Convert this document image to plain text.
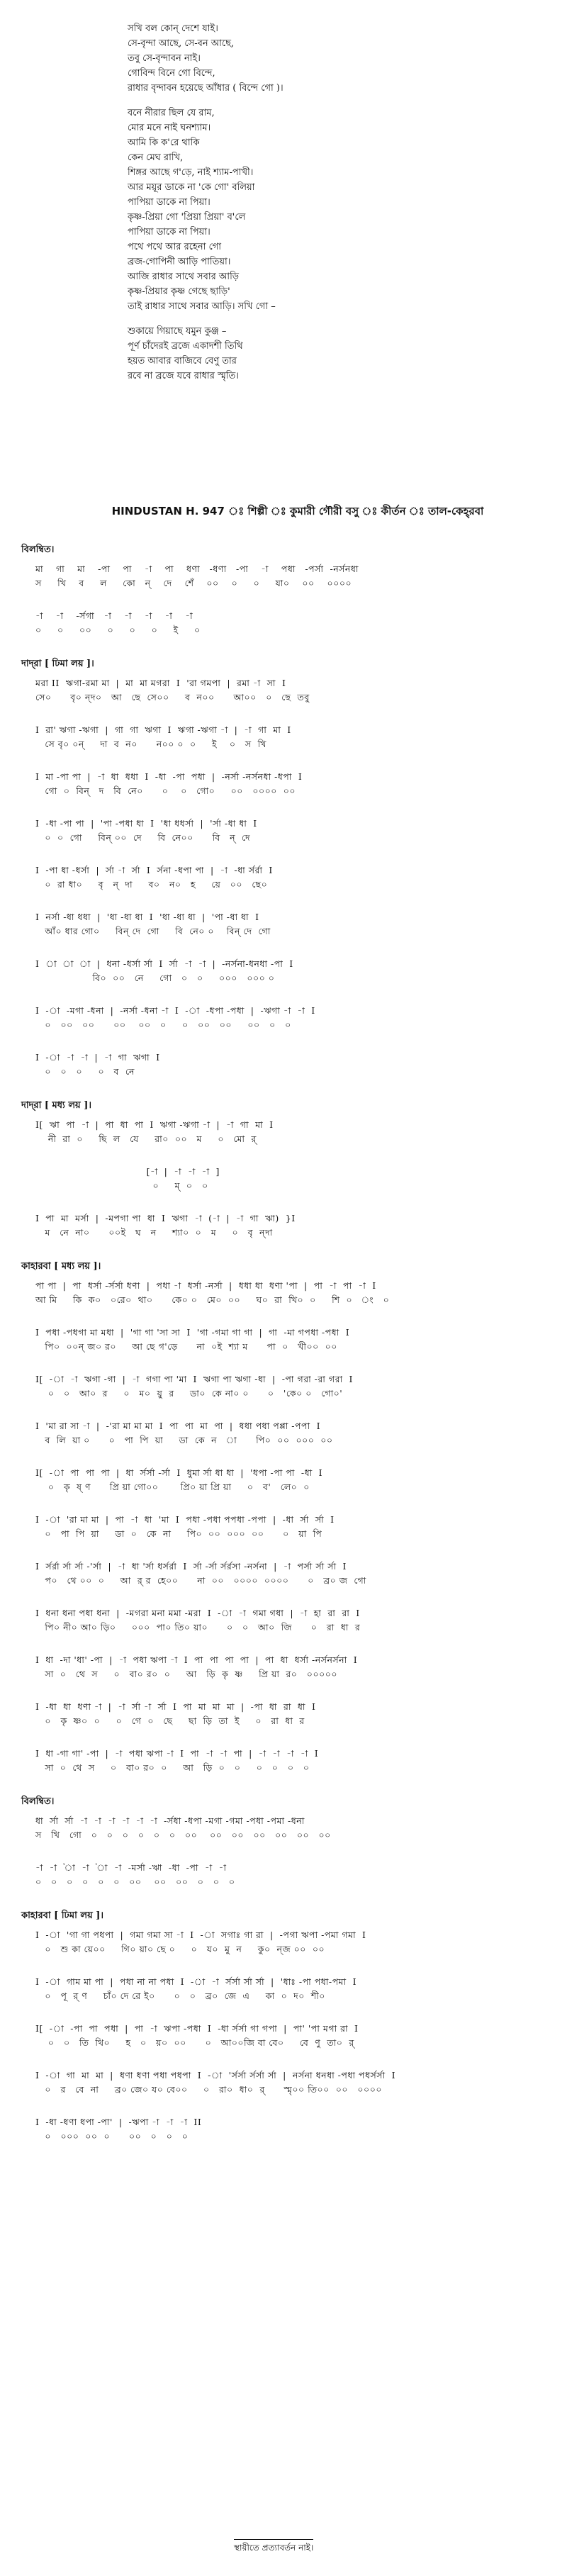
সখি বল কোন্‌ দেশে যাই।
সে-বৃন্দা আছে, সে-বন আছে,
তবু সে-বৃন্দাবন নাই।
গোবিন্দ বিনে গো বিন্দে,
রাধার বৃন্দাবন হয়েছে আঁধার ( বিন্দে গো )।
বনে নীরার ছিল যে রাম,
মোর মনে নাই ঘনশ্যাম।
আমি কি ক'রে থাকি
কেন মেঘ রাখি,
শিঙ্গর আছে গ'ড়ে, নাই শ্যাম-পাখী।
আর ময়ূর ডাকে না 'কে গো' বলিয়া
পাপিয়া ডাকে না পিয়া।
কৃষ্ণ-প্রিয়া গো 'প্রিয়া প্রিয়া' ব'লে
পাপিয়া ডাকে না পিয়া।
পথে পথে আর রহেনা গো
ব্রজ-গোপিনী আড়ি পাতিয়া।
আজি রাধার সাথে সবার আড়ি
কৃষ্ণ-প্রিয়ার কৃষ্ণ গেছে ছাড়ি'
তাই রাধার সাথে সবার আড়ি। সখি গো –
শুকায়ে গিয়াছে যমুন কুঞ্জ –
পূর্ণ চাঁদেরই ব্রজে একাদশী তিথি
হয়ত আবার বাজিবে বেণু তার
রবে না ব্রজে যবে রাধার স্মৃতি।
HINDUSTAN H. 947 ঃ শিল্পী ঃ কুমারী গৌরী বসু ঃ কীর্তন ঃ তাল-কেহ্‌রবা
বিলম্বিত।
মা    গা    মা    -পা    পা    -া    পা    ধণা   -ধণা   -পা    -া    পধা   -পর্সা  -নর্সনধা
স     খি    ব     ল     কো   ন্‌    দে    শেঁ    ০০    ০     ০     যা০    ০০    ০০০০
-া    -া    -র্সগা   -া    -া    -া    -া    -া
০     ০     ০০     ০     ০     ০     ই     ০
দাদ্‌রা [ ঢিমা লয় ]।
মরা II  ঋগা-রমা মা  |  মা  মা মগরা  I  'রা গমপা  |  রমা -া  সা  I
সে০      বৃ০ ন্‌দ০   আ   ছে  সে০০     ব  ন০০      আ০০   ০   ছে  তবু
I  রা' ঋগা -ঋগা  |  গা  গা  ঋগা  I  ঋগা -ঋগা -া  |  -া  গা  মা  I
সে বৃ০ ০ন্‌     দা  ব  ন০      ন০০ ০  ০     ই    ০   স  খি
I  মা -পা পা  |  -া  ধা  ধধা  I  -ধা  -পা  পধা  |  -নর্সা -নর্সনধা -ধপা  I
গো  ০  বিন্‌   দ   বি  নে০      ০    ০   গো০     ০০   ০০০০  ০০
I  -ধা -পা পা  |  'পা -পধা ধা  I  'ধা ধধর্সা  |  'র্সা -ধা ধা  I
০  ০  গো     বিন্‌ ০০  দে     বি  নে০০      বি   ন্‌  দে
I  -পা ধা -ধর্সা  |  র্সা -া  র্সা  I  র্সনা -ধপা পা  |  -া  -ধা র্সর্রা  I
০  রা ধা০     বৃ   ন্‌  দা     ব০   ন০   হ     য়ে   ০০   ছে০
I  নর্সা -ধা ধধা  |  'ধা -ধা ধা  I  'ধা -ধা ধা  |  'পা -ধা ধা  I
আঁ০ ধার গো০     বিন্‌ দে  গো     বি  নে০ ০    বিন্‌ দে  গো
I  া  া  া  |  ধনা -ধর্সা র্সা  I  র্সা  -া  -া  |  -নর্সনা-ধনধা -পা  I
বি০  ০০   নে     গো   ০   ০     ০০০   ০০০ ০
I  -া  -মগা -ধনা  |  -নর্সা -ধনা -া  I  -া  -ধপা -পধা  |  -ঋগা -া  -া  I
০   ০০   ০০      ০০    ০০   ০     ০   ০০   ০০     ০০   ০   ০
I  -া  -া  -া  |  -া  গা  ঋগা  I
০   ০   ০     ০   ব  নে
দাদ্‌রা [ মধ্য লয় ]।
I[  ঋা  পা  -া  |  পা  ধা  পা  I  ঋগা -ঋগা -া  |  -া  গা  মা  I
নী  রা  ০     ছি  ল   যে     রা০  ০০   ম     ০   মো  র্‌
[-া  |  -া  -া  -া  ]
০     ম্‌  ০   ০
I  পা  মা  মর্সা  |  -মপগা পা  ধা  I  ঋগা  -া  (-া  |  -া  গা  ঋা)  }I
ম   নে  না০      ০০ই   ঘ   ন     শ্যা০  ০   ম     ০   বৃ  ন্‌দা
কাহারবা [ মধ্য লয় ]।
পা পা  |  পা  ধর্সা -র্সর্সা ধণা  |  পধা -া  ধর্সা -নর্সা  |  ধধা ধা  ধণা 'পা  |  পা  -া  পা  -া  I
আ মি     কি  ক০   ০রে০  থা০      কে০ ০   মে০  ০০     ঘ০  রা  খি০  ০     শি  ০   ং   ০
I  পধা -পধগা মা মধা  |  'গা গা 'সা সা  I  'গা -গমা গা গা  |  গা  -মা গপধা -পধা  I
পি০  ০০ন্‌ জ০ র০     আ ছে গ'ড়ে      না  ০ই  শ্যা ম      পা  ০   খী০০  ০০
I[  -া  -া  ঋগা -গা  |  -া  গগা পা 'মা  I  ঋগা পা ঋগা -ধা  |  -পা গরা -রা গরা  I
০   ০   আ০  র     ০   ম০  য়ু  র     ডা০  কে না০ ০      ০   'কে০ ০   গো০'
I  'মা রা সা -া  |  -'রা মা মা মা  I  পা  পা  মা  পা  |  ধধা পধা পপ্পা -পপা  I
ব  লি  য়া ০      ০   পা  পি  য়া     ডা  কে  ন   া      পি০  ০০  ০০০  ০০
I[  -া  পা  পা  পা  |  ধা  র্সর্সা -র্সা  I  ধুমা র্সা ধা ধা  |  'ধপা -পা পা  -ধা  I
০   কৃ  ষ্‌ ণ      প্রি য়া গো০০       প্রি০ য়া প্রি য়া     ০   ব'   লে০  ০
I  -া  'রা মা মা  |  পা  -া  ধা  'মা  I  পধা -পধা পপধা -পপা  |  -ধা  র্সা  র্সা  I
০   পা  পি  য়া     ডা  ০   কে  না     পি০  ০০  ০০০  ০০      ০   য়া  পি
I  র্সর্রা র্সা র্সা -'র্সা  |  -া  ধা 'র্সা ধর্সর্রা  I  র্সা -র্সা র্সর্রসা -নর্সনা  |  -া  পর্সা র্সা র্সা  I
প০   থে ০০  ০     আ  র্‌ র  হে০০      না  ০০   ০০০০  ০০০০      ০   ব্র০ জ  গো
I  ধনা ধনা পধা ধনা  |  -মগরা মনা মমা -মরা  I  -া  -া  গমা গধা  |  -া  হা  রা  রা  I
পি০ নী০ আ০ ড়ি০     ০০০  পা০ তি০ য়া০      ০   ০   আ০  জি      ০   রা  ধা  র
I  ধা  -দা 'ধা' -পা  |  -া  পধা ঋপা -া  I  পা  পা  পা  পা  |  পা  ধা  ধর্সা -নর্সনর্সনা  I
সা  ০   থে  স     ০   বা০ র০  ০     আ   ড়ি  কৃ  ষ্ণ     প্রি য়া  র০   ০০০০০
I  -ধা  ধা  ধণা -া  |  -া  র্সা -া  র্সা  I  পা  মা  মা  মা  |  -পা  ধা  রা  ধা  I
০   কৃ  ষ্ণ০  ০     ০   গে  ০   ছে     ছা  ড়ি  তা  ই     ০   রা  ধা  র
I  ধা -গা গা' -পা  |  -া  পধা ঋপা -া  I  পা  -া  -া  পা  |  -া  -া  -া  -া  I
সা  ০  থে  স     ০   বা০ র০  ০     আ   ড়ি  ০   ০     ০   ০   ০   ০
বিলম্বিত।
ধা  র্সা  র্সা  -া  -া  -া  -া  -া  -া  -র্সধা -ধপা -মগা -গমা -পধা -পমা -ধনা
স   খি   গো   ০   ০   ০   ০   ০   ০   ০০    ০০   ০০   ০০   ০০   ০০   ০০
-া  -া  'া  -া  'া  -া  -মর্সা -ঋা  -ধা  -পা  -া  -া
০   ০   ০   ০   ০   ০   ০০    ০০   ০০   ০   ০   ০
কাহারবা [ ঢিমা লয় ]।
I  -া  'গা গা পধপা  |  গমা গমা সা -া  I  -া  সগাঃ গা রা  |  -পগা ঋপা -পমা গমা  I
০   শু কা য়ে০০     গি০ য়া০ ছে ০     ০   য০  মু  ন     কু০  ন্‌জ ০০  ০০
I  -া  গাম মা পা  |  পধা না না পধা  I  -া  -া  র্সর্সা র্সা র্সা  |  'ধাঃ -পা পধা-পমা  I
০   পূ  র্‌ ণ     চাঁ০ দে রে ই০      ০   ০   ব্র০  জে  এ     কা  ০  দ০  শী০
I[  -া  -পা  পা  পধা  |  পা  -া  ঋপা -পধা  I  -ধা র্সর্সা গা গপা  |  পা' 'পা মগা রা  I
০   ০   তি  থি০     হ   ০   য়০  ০০      ০   আ০০জি বা বে০     বে  ণু  তা০  র্‌
I  -া  গা  মা  মা  |  ধণা ধণা পধা পধপা  I  -া  'র্সর্সা র্সর্সা র্সা  |  নর্সনা ধনধা -পধা পধর্সর্সা  I
০   র   বে  না     ব্র০ জে০ য০ বে০০     ০   রা০  ধা০  র্‌      স্মৃ০০ তি০০  ০০   ০০০০
I  -ধা -ধণা ধপা -পা'  |  -ঋপা -া  -া  -া  II
০   ০০০  ০০  ০      ০০   ০   ০   ০
স্থায়ীতে প্রত্যাবর্তন নাই।
